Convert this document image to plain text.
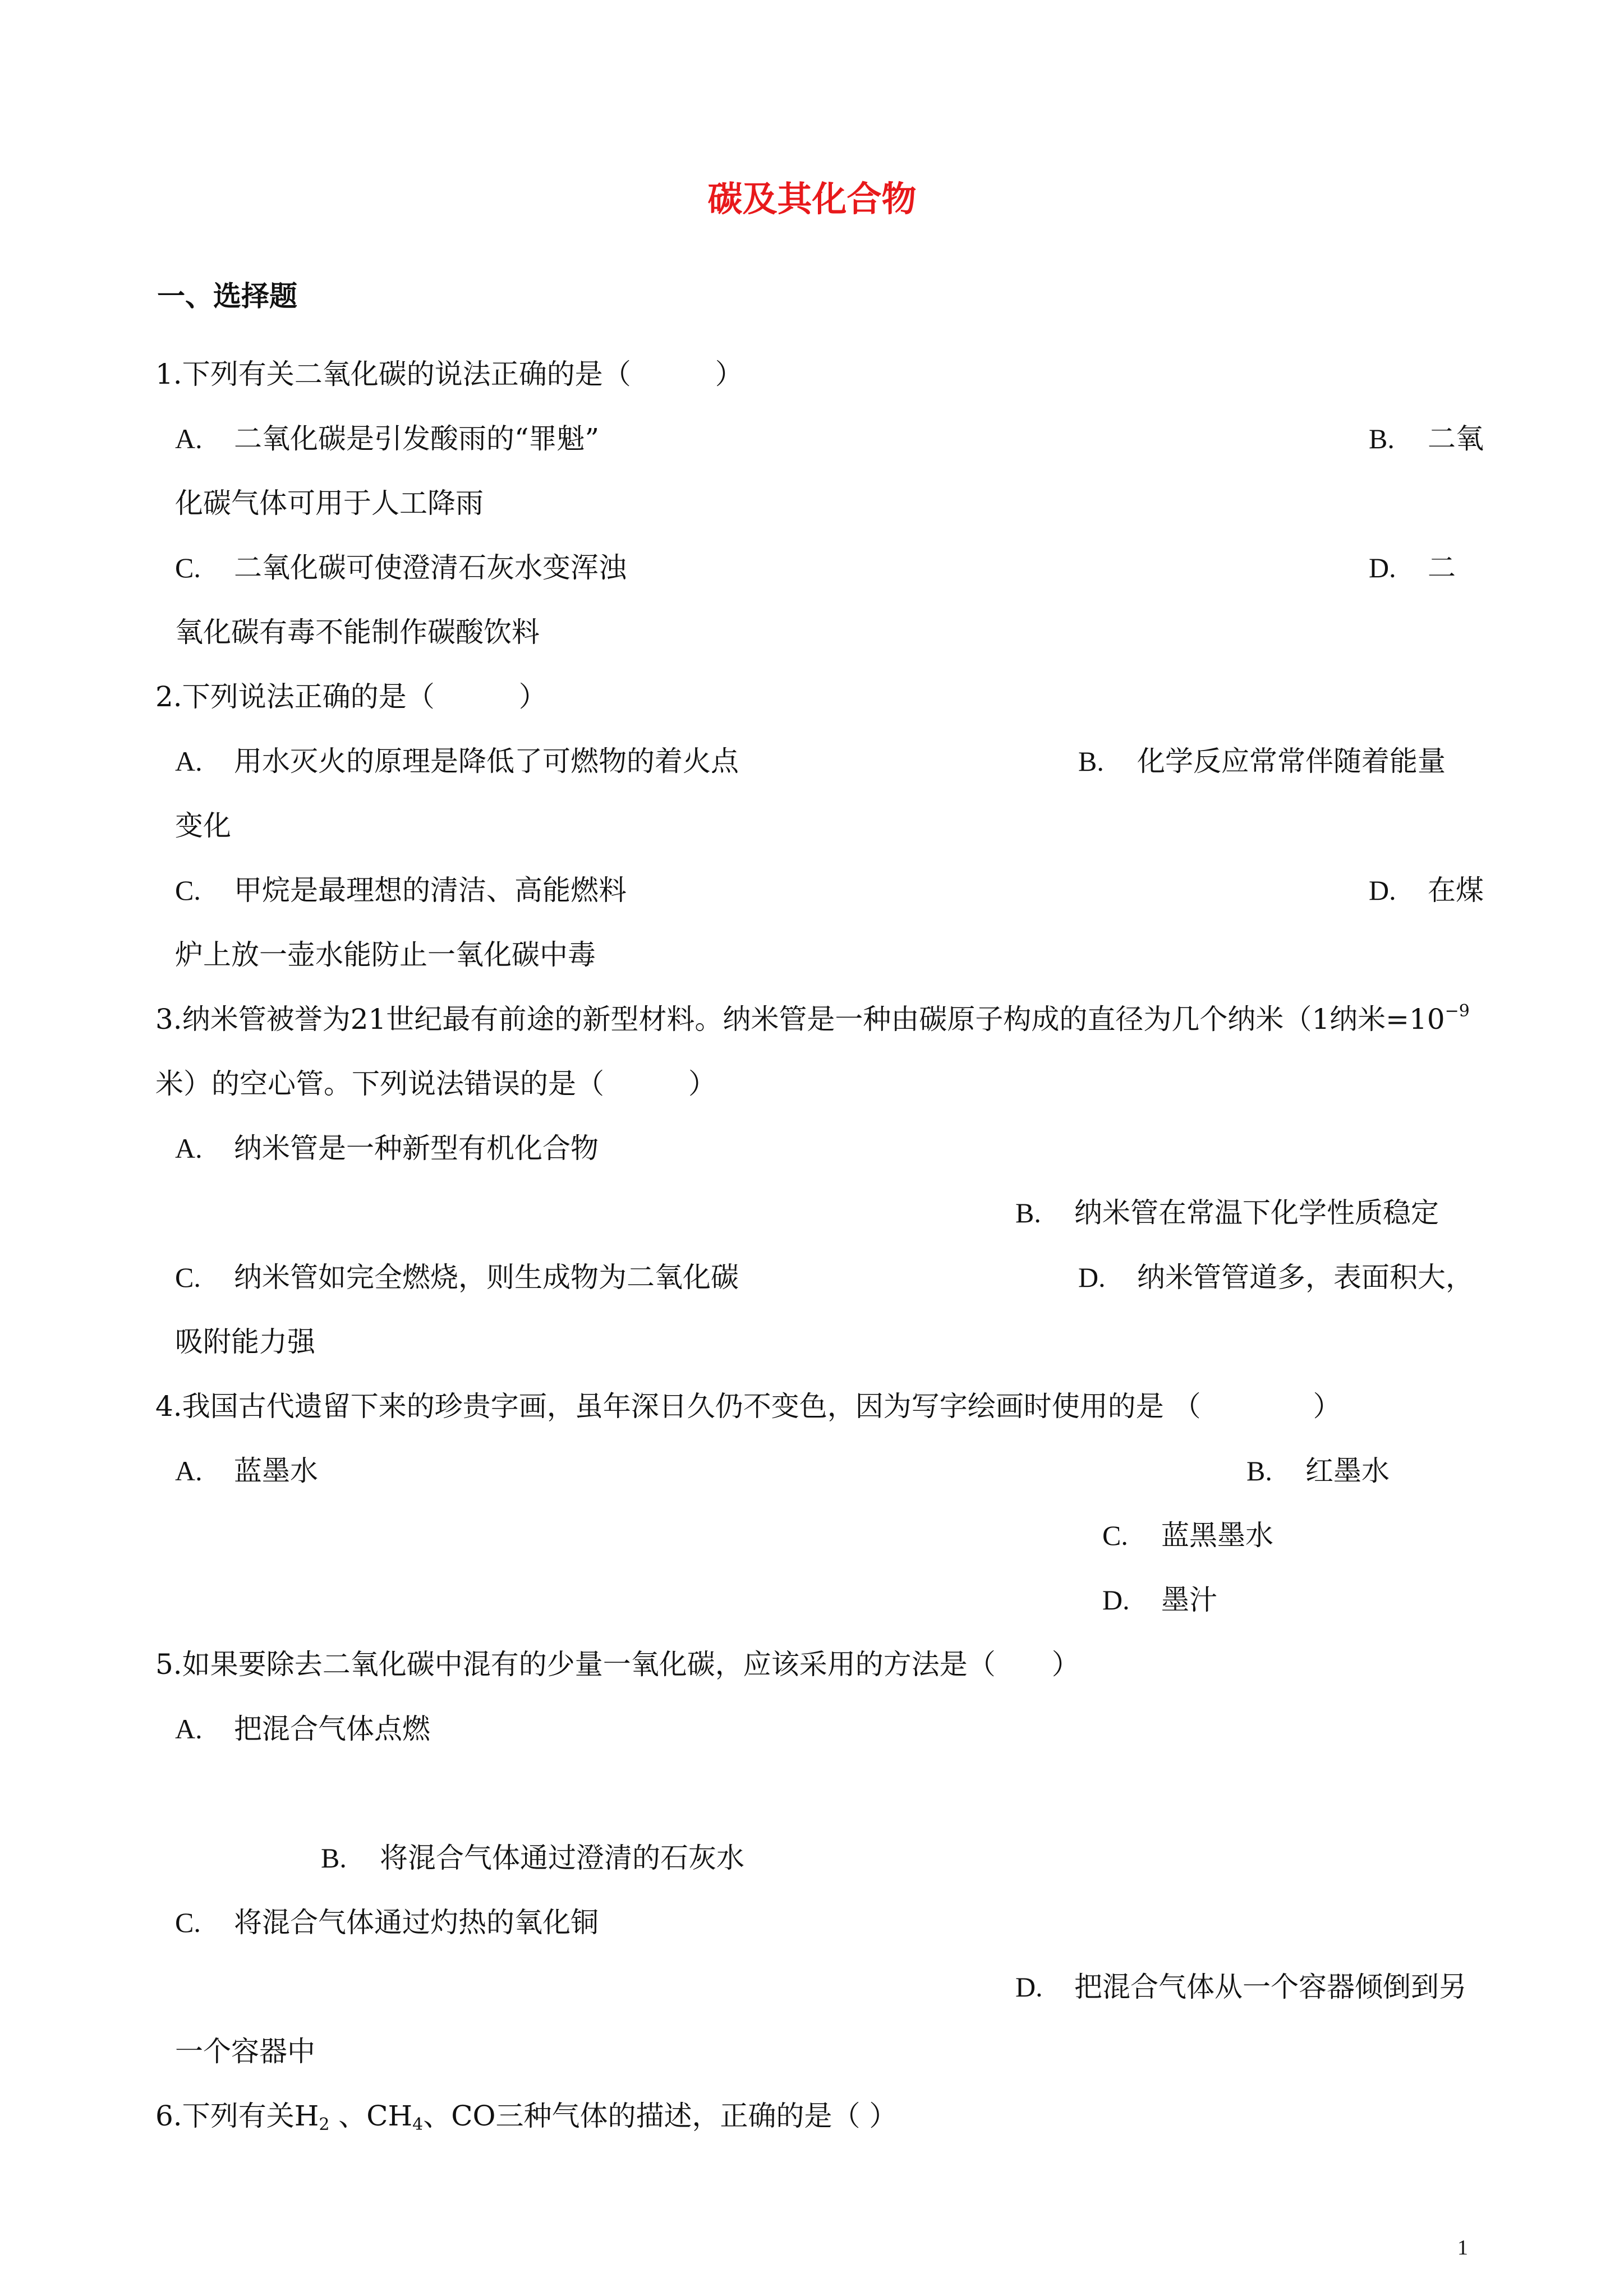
碳及其化合物
一、选择题
1.下列有关二氧化碳的说法正确的是（　　　）
A. 二氧化碳是引发酸雨的“罪魁”	B. 二氧
化碳气体可用于人工降雨
C. 二氧化碳可使澄清石灰水变浑浊	D. 二
氧化碳有毒不能制作碳酸饮料
2.下列说法正确的是（　　　）
A. 用水灭火的原理是降低了可燃物的着火点	B. 化学反应常常伴随着能量
变化
C. 甲烷是最理想的清洁、高能燃料	D. 在煤
炉上放一壶水能防止一氧化碳中毒
3.纳米管被誉为21世纪最有前途的新型材料。纳米管是一种由碳原子构成的直径为几个纳米（1纳米$=10^{-9}$
米）的空心管。下列说法错误的是（　　　）
A. 纳米管是一种新型有机化合物
B. 纳米管在常温下化学性质稳定
C. 纳米管如完全燃烧，则生成物为二氧化碳	D. 纳米管管道多，表面积大，
吸附能力强
4.我国古代遗留下来的珍贵字画，虽年深日久仍不变色，因为写字绘画时使用的是 （　　　　）
A. 蓝墨水	B. 红墨水
C. 蓝黑墨水
D. 墨汁
5.如果要除去二氧化碳中混有的少量一氧化碳，应该采用的方法是（　　）
A. 把混合气体点燃
B. 将混合气体通过澄清的石灰水
C. 将混合气体通过灼热的氧化铜
D. 把混合气体从一个容器倾倒到另
一个容器中
6.下列有关$H_2$ 、$CH_4$、CO三种气体的描述，正确的是（ ）
1
